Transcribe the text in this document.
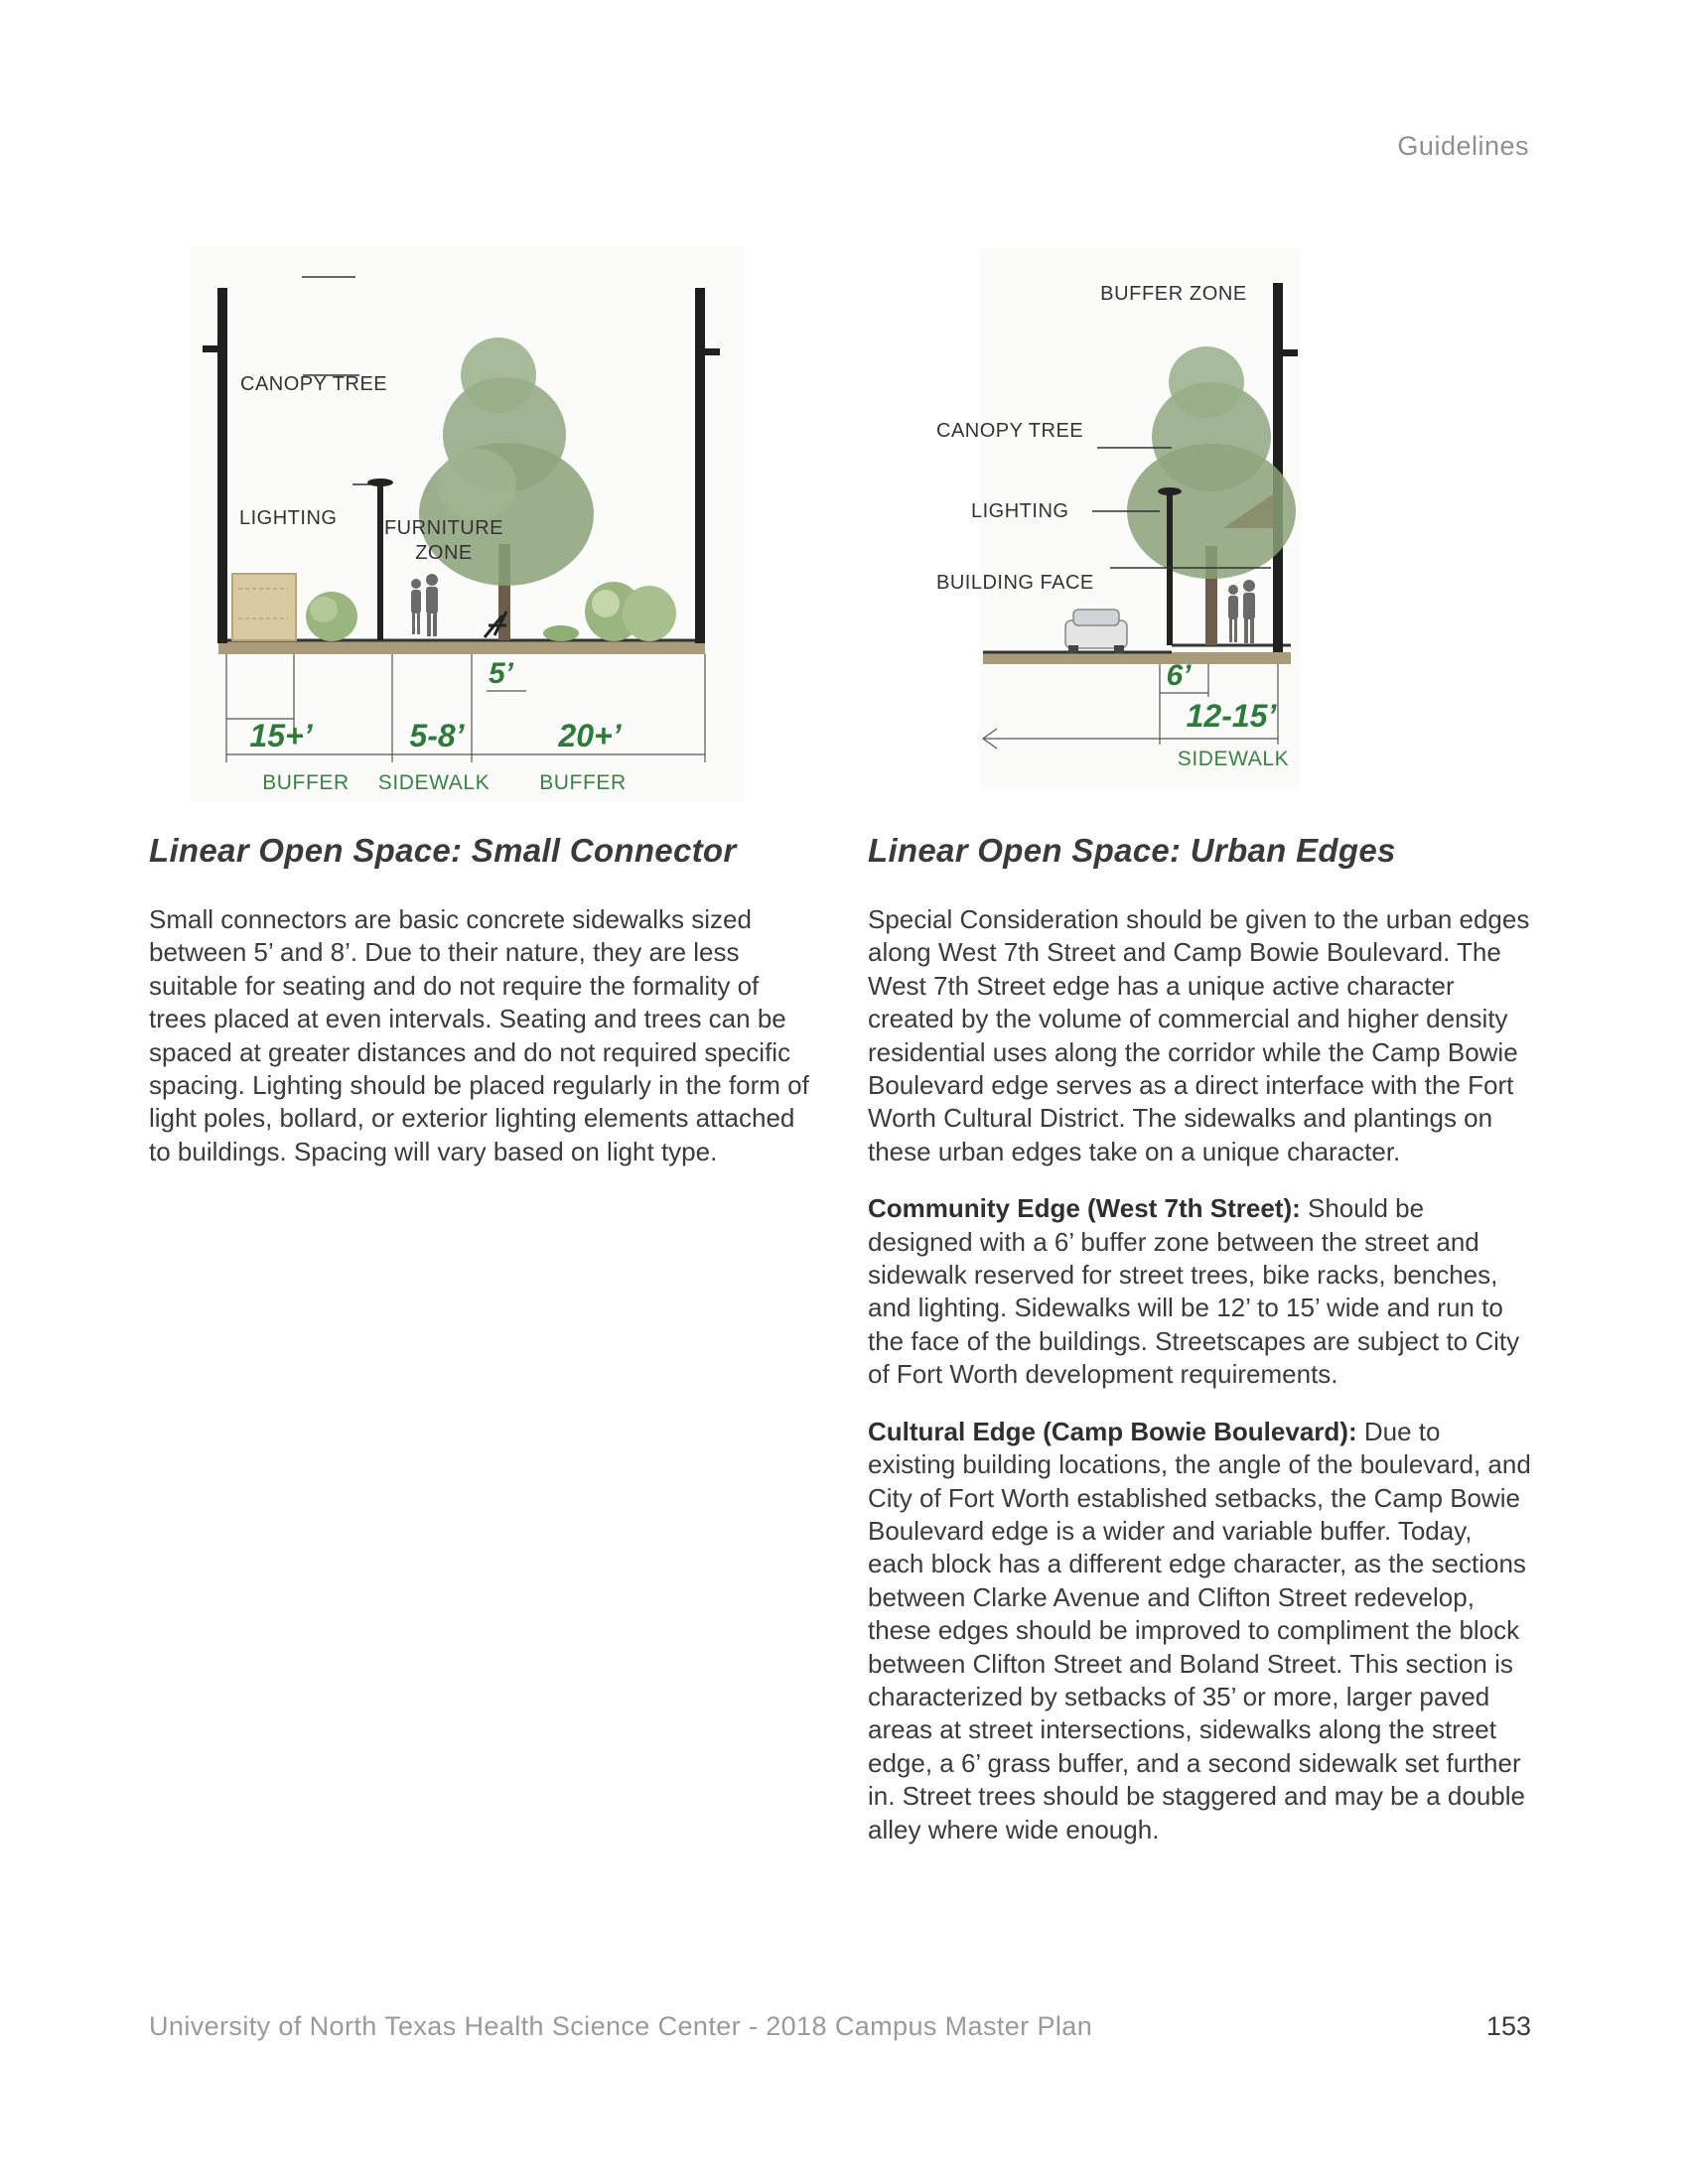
Guidelines
CANOPY TREE
LIGHTING FURNITURE
ZONE
5’
15+’	5-8’	20+’
BUFFER SIDEWALK BUFFER
BUFFER ZONE
CANOPY TREE
LIGHTING
BUILDING FACE
6’
12-15’
SIDEWALK
Linear Open Space: Small Connector

Small connectors are basic concrete sidewalks sized between 5’ and 8’. Due to their nature, they are less suitable for seating and do not require the formality of trees placed at even intervals. Seating and trees can be spaced at greater distances and do not required specific spacing. Lighting should be placed regularly in the form of light poles, bollard, or exterior lighting elements attached to buildings. Spacing will vary based on light type.

Linear Open Space: Urban Edges

Special Consideration should be given to the urban edges along West 7th Street and Camp Bowie Boulevard. The West 7th Street edge has a unique active character created by the volume of commercial and higher density residential uses along the corridor while the Camp Bowie Boulevard edge serves as a direct interface with the Fort Worth Cultural District. The sidewalks and plantings on these urban edges take on a unique character.

Community Edge (West 7th Street): Should be designed with a 6’ buffer zone between the street and sidewalk reserved for street trees, bike racks, benches, and lighting. Sidewalks will be 12’ to 15’ wide and run to the face of the buildings. Streetscapes are subject to City of Fort Worth development requirements.

Cultural Edge (Camp Bowie Boulevard): Due to existing building locations, the angle of the boulevard, and City of Fort Worth established setbacks, the Camp Bowie Boulevard edge is a wider and variable buffer. Today, each block has a different edge character, as the sections between Clarke Avenue and Clifton Street redevelop, these edges should be improved to compliment the block between Clifton Street and Boland Street. This section is characterized by setbacks of 35’ or more, larger paved areas at street intersections, sidewalks along the street edge, a 6’ grass buffer, and a second sidewalk set further in. Street trees should be staggered and may be a double alley where wide enough.

University of North Texas Health Science Center - 2018 Campus Master Plan	153
